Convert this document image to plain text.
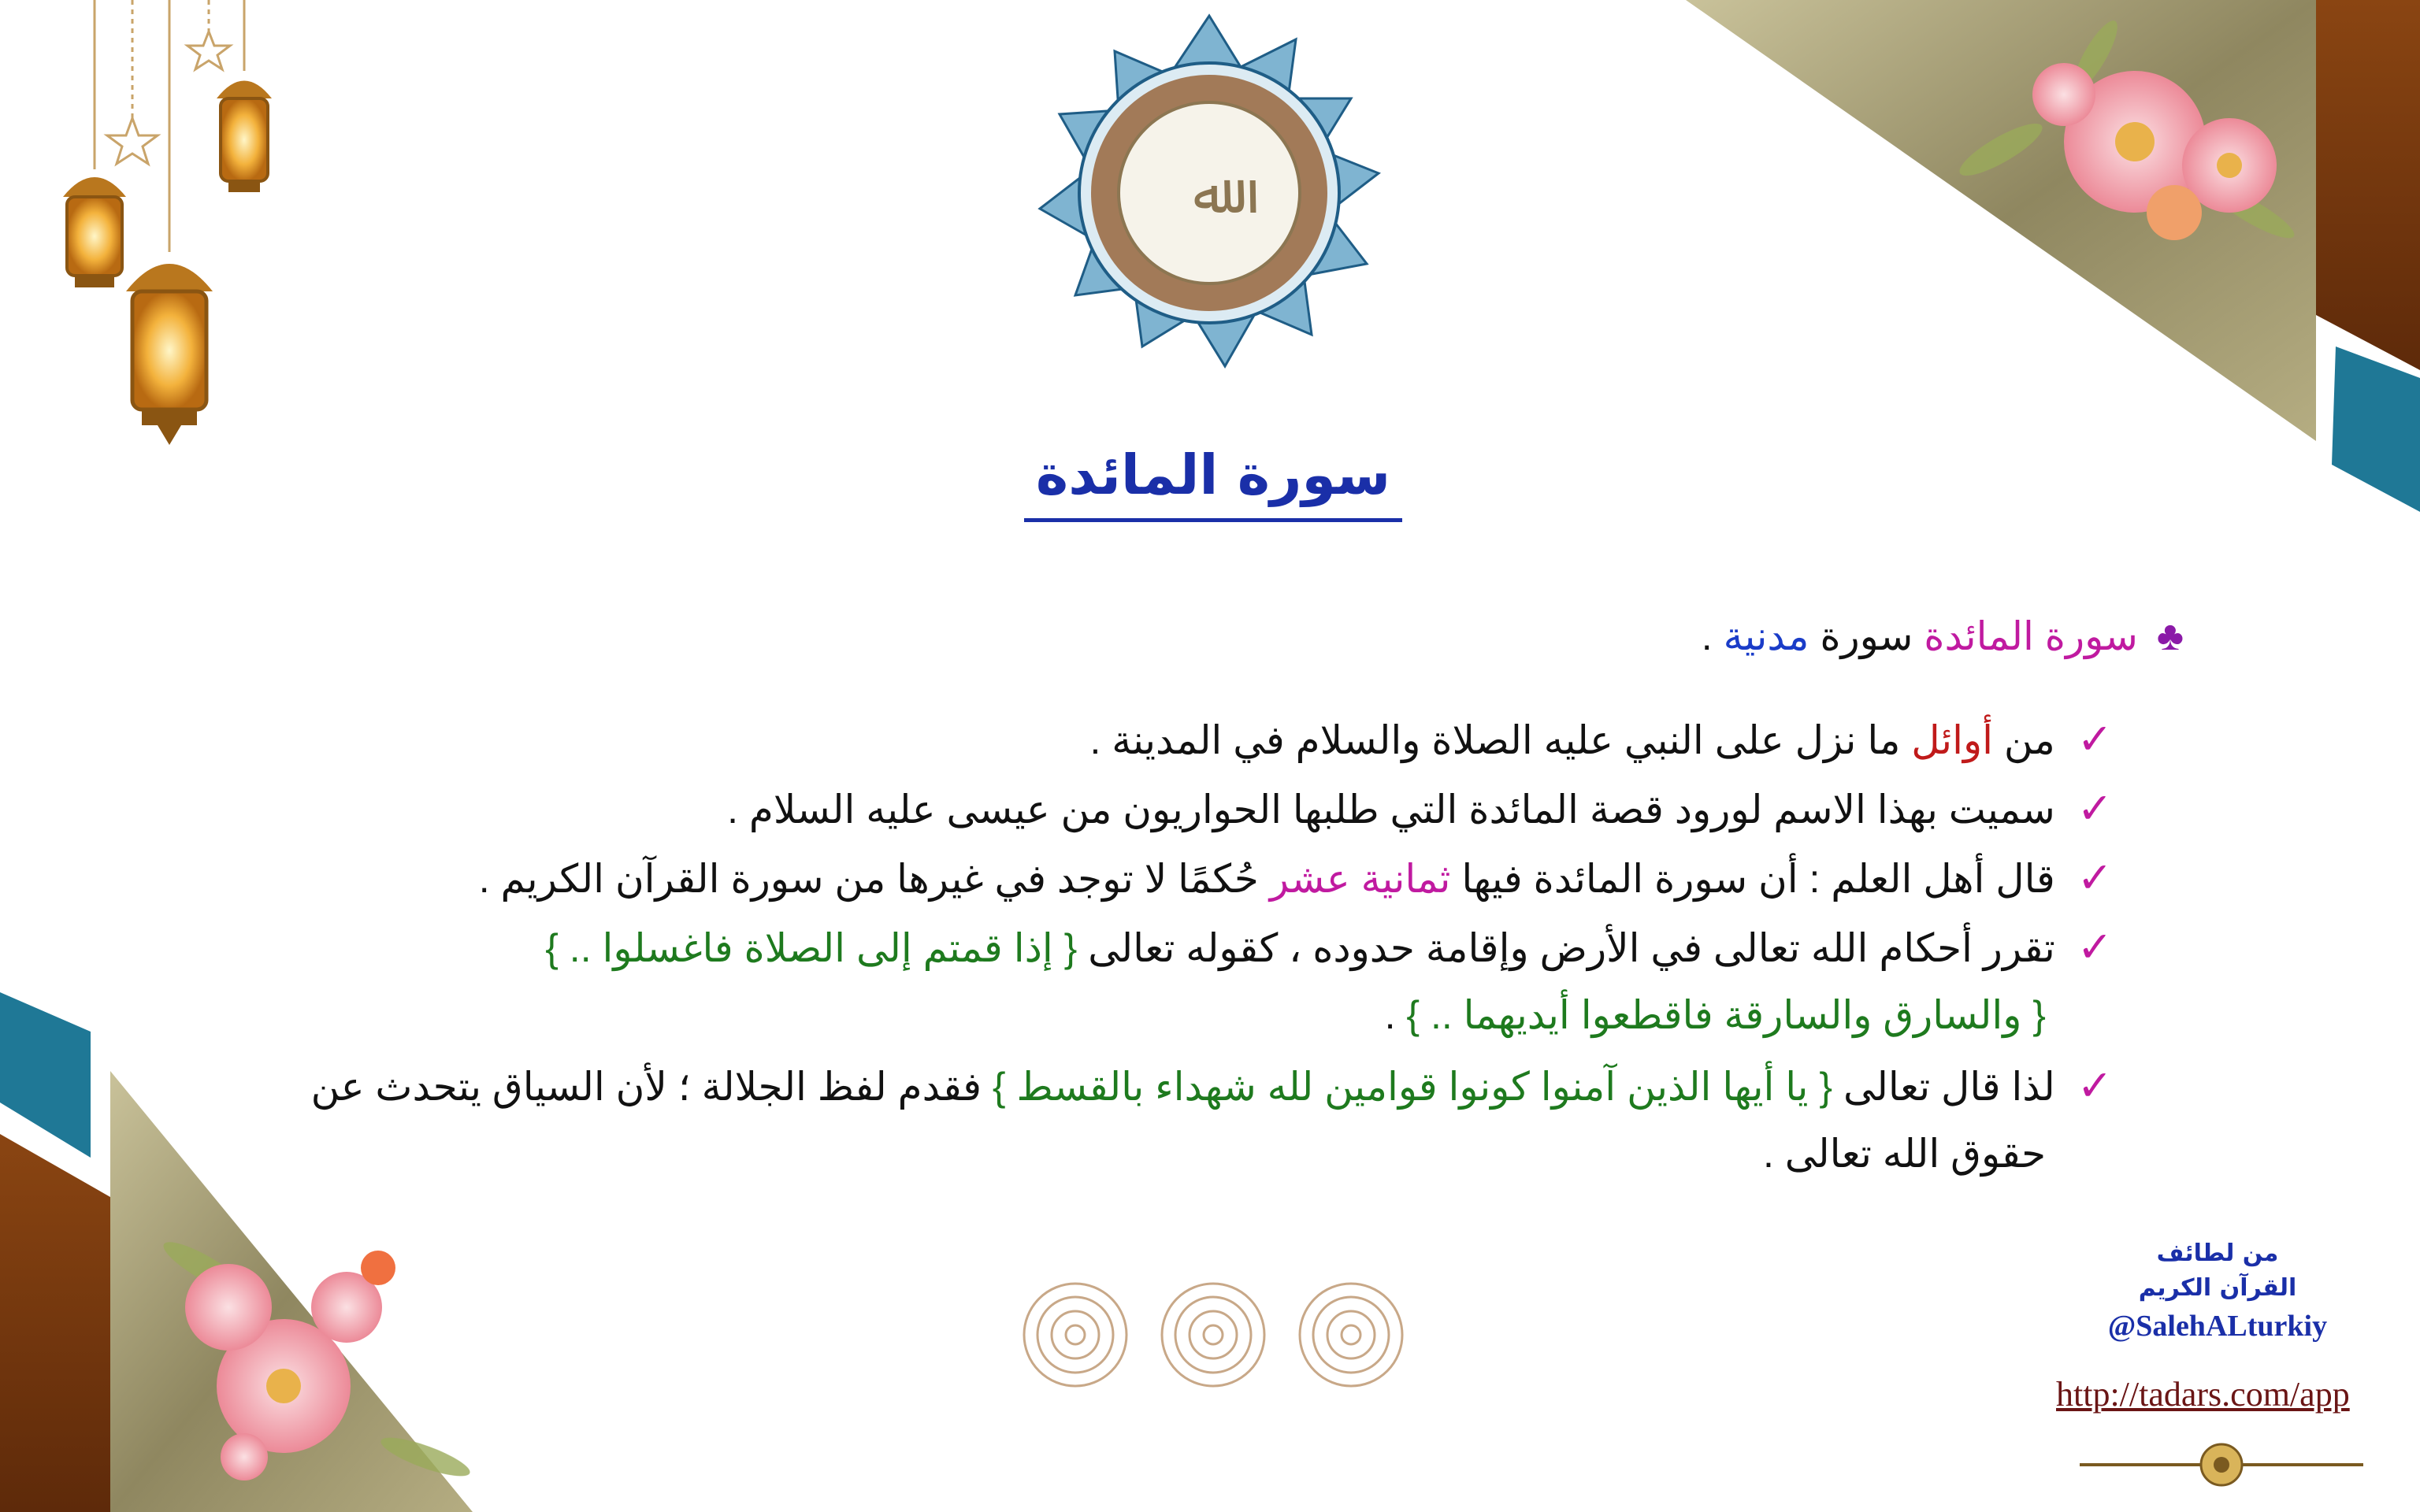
ﷲ
سورة المائدة
♣سورة المائدة سورة مدنية .
✓من أوائل ما نزل على النبي عليه الصلاة والسلام في المدينة .
✓سميت بهذا الاسم لورود قصة المائدة التي طلبها الحواريون من عيسى عليه السلام .
✓قال أهل العلم : أن سورة المائدة فيها ثمانية عشر حُكمًا لا توجد في غيرها من سورة القرآن الكريم .
✓تقرر أحكام الله تعالى في الأرض وإقامة حدوده ، كقوله تعالى { إذا قمتم إلى الصلاة فاغسلوا .. }
{ والسارق والسارقة فاقطعوا أيديهما .. } .
✓لذا قال تعالى { يا أيها الذين آمنوا كونوا قوامين لله شهداء بالقسط } فقدم لفظ الجلالة ؛ لأن السياق يتحدث عن
حقوق الله تعالى .
من لطائف
القرآن الكريم
@SalehALturkiy
http://tadars.com/app
